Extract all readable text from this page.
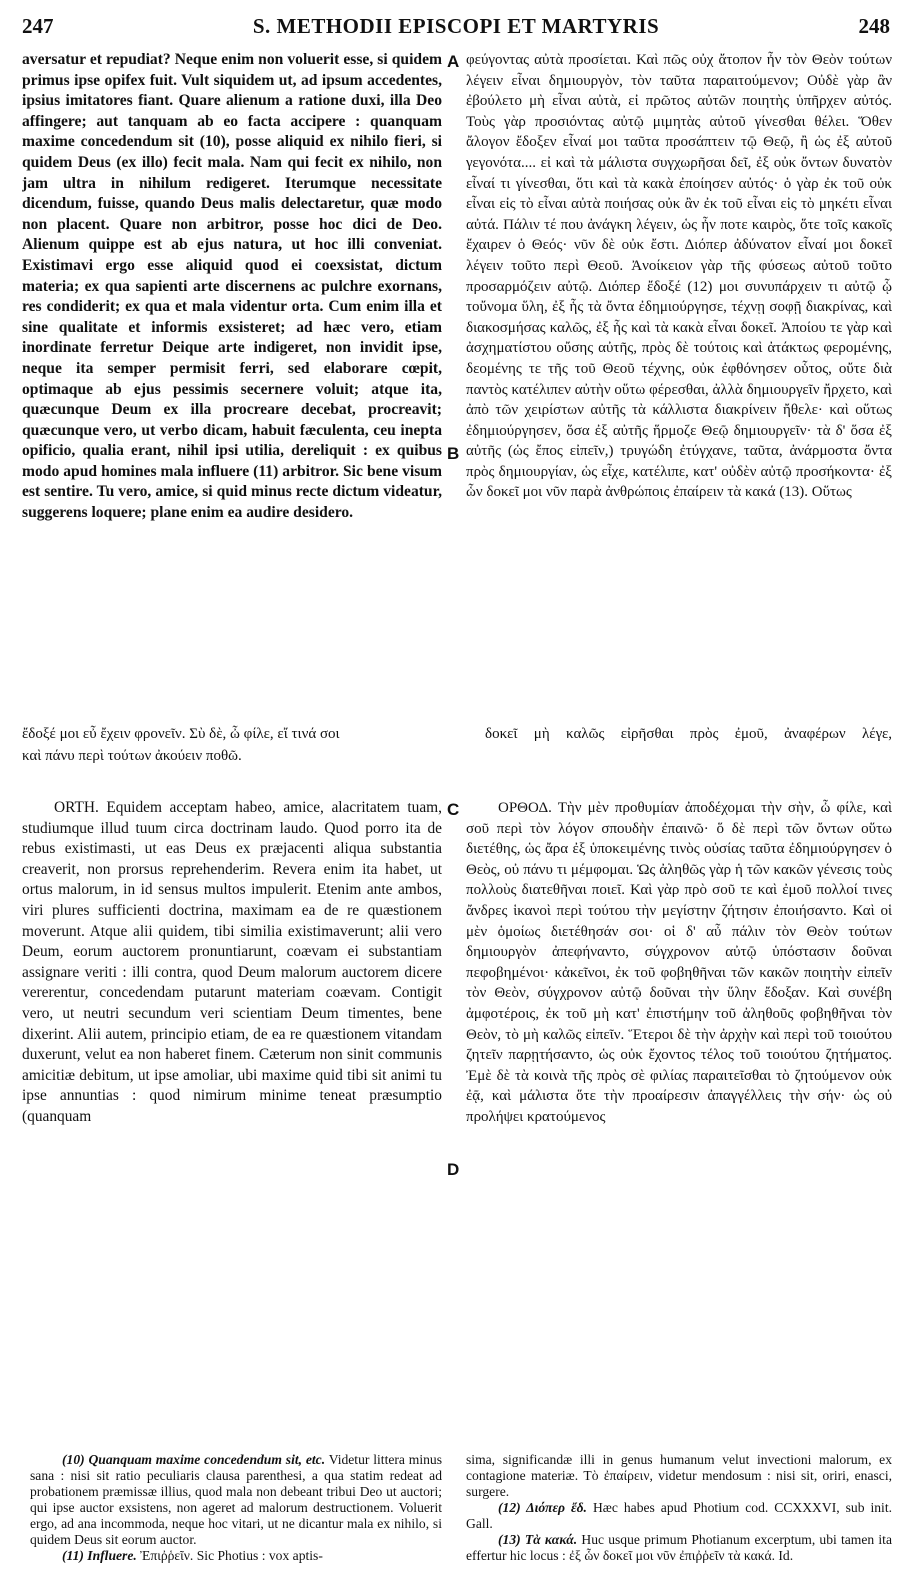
247	S. METHODII EPISCOPI ET MARTYRIS	248
A
B
C
D

aversatur et repudiat? Neque enim non voluerit esse, si quidem primus ipse opifex fuit. Vult siquidem ut, ad ipsum accedentes, ipsius imitatores fiant. Quare alienum a ratione duxi, illa Deo affingere; aut tanquam ab eo facta accipere : quanquam maxime concedendum sit (10), posse aliquid ex nihilo fieri, si quidem Deus (ex illo) fecit mala. Nam qui fecit ex nihilo, non jam ultra in nihilum redigeret. Iterumque necessitate dicendum, fuisse, quando Deus malis delectaretur, quæ modo non placent. Quare non arbitror, posse hoc dici de Deo. Alienum quippe est ab ejus natura, ut hoc illi conveniat. Existimavi ergo esse aliquid quod ei coexsistat, dictum materia; ex qua sapienti arte discernens ac pulchre exornans, res condiderit; ex qua et mala videntur orta. Cum enim illa et sine qualitate et informis exsisteret; ad hæc vero, etiam inordinate ferretur Deique arte indigeret, non invidit ipse, neque ita semper permisit ferri, sed elaborare cœpit, optimaque ab ejus pessimis secernere voluit; atque ita, quæcunque Deum ex illa procreare decebat, procreavit; quæcunque vero, ut verbo dicam, habuit fæculenta, ceu inepta opificio, qualia erant, nihil ipsi utilia, dereliquit : ex quibus modo apud homines mala influere (11) arbitror. Sic bene visum est sentire. Tu vero, amice, si quid minus recte dictum videatur, suggerens loquere; plane enim ea audire desidero.

φεύγοντας αὐτὰ προσίεται. Καὶ πῶς οὐχ ἄτοπον ἦν τὸν Θεὸν τούτων λέγειν εἶναι δημιουργὸν, τὸν ταῦτα παραιτούμενον; Οὐδὲ γὰρ ἂν ἐβούλετο μὴ εἶναι αὐτὰ, εἰ πρῶτος αὐτῶν ποιητὴς ὑπῆρχεν αὐτός. Τοὺς γὰρ προσιόντας αὐτῷ μιμητὰς αὐτοῦ γίνεσθαι θέλει. Ὅθεν ἄλογον ἔδοξεν εἶναί μοι ταῦτα προσάπτειν τῷ Θεῷ, ἢ ὡς ἐξ αὐτοῦ γεγονότα.... εἰ καὶ τὰ μάλιστα συγχωρῆσαι δεῖ, ἐξ οὐκ ὄντων δυνατὸν εἶναί τι γίνεσθαι, ὅτι καὶ τὰ κακὰ ἐποίησεν αὐτός· ὁ γὰρ ἐκ τοῦ οὐκ εἶναι εἰς τὸ εἶναι αὐτὰ ποιήσας οὐκ ἂν ἐκ τοῦ εἶναι εἰς τὸ μηκέτι εἶναι αὐτά. Πάλιν τέ που ἀνάγκη λέγειν, ὡς ἦν ποτε καιρὸς, ὅτε τοῖς κακοῖς ἔχαιρεν ὁ Θεός· νῦν δὲ οὐκ ἔστι. Διόπερ ἀδύνατον εἶναί μοι δοκεῖ λέγειν τοῦτο περὶ Θεοῦ. Ἀνοίκειον γὰρ τῆς φύσεως αὐτοῦ τοῦτο προσαρμόζειν αὐτῷ. Διόπερ ἔδοξέ (12) μοι συνυπάρχειν τι αὐτῷ ᾧ τοὔνομα ὕλη, ἐξ ἧς τὰ ὄντα ἐδημιούργησε, τέχνῃ σοφῇ διακρίνας, καὶ διακοσμήσας καλῶς, ἐξ ἧς καὶ τὰ κακὰ εἶναι δοκεῖ. Ἀποίου τε γὰρ καὶ ἀσχηματίστου οὔσης αὐτῆς, πρὸς δὲ τούτοις καὶ ἀτάκτως φερομένης, δεομένης τε τῆς τοῦ Θεοῦ τέχνης, οὐκ ἐφθόνησεν οὗτος, οὔτε διὰ παντὸς κατέλιπεν αὐτὴν οὕτω φέρεσθαι, ἀλλὰ δημιουργεῖν ἤρχετο, καὶ ἀπὸ τῶν χειρίστων αὐτῆς τὰ κάλλιστα διακρίνειν ἤθελε· καὶ οὕτως ἐδημιούργησεν, ὅσα ἐξ αὐτῆς ἥρμοζε Θεῷ δημιουργεῖν· τὰ δ' ὅσα ἐξ αὐτῆς (ὡς ἔπος εἰπεῖν,) τρυγώδη ἐτύγχανε, ταῦτα, ἀνάρμοστα ὄντα πρὸς δημιουργίαν, ὡς εἶχε, κατέλιπε, κατ' οὐδὲν αὐτῷ προσήκοντα· ἐξ ὧν δοκεῖ μοι νῦν παρὰ ἀνθρώποις ἐπαίρειν τὰ κακά (13). Οὕτως

ἔδοξέ μοι εὖ ἔχειν φρονεῖν. Σὺ δὲ, ὦ φίλε, εἴ τινά σοι	δοκεῖ μὴ καλῶς εἰρῆσθαι πρὸς ἐμοῦ, ἀναφέρων λέγε,
καὶ πάνυ περὶ τούτων ἀκούειν ποθῶ.

ORTH. Equidem acceptam habeo, amice, alacritatem tuam, studiumque illud tuum circa doctrinam laudo. Quod porro ita de rebus existimasti, ut eas Deus ex præjacenti aliqua substantia creaverit, non prorsus reprehenderim. Revera enim ita habet, ut ortus malorum, in id sensus multos impulerit. Etenim ante ambos, viri plures sufficienti doctrina, maximam ea de re quæstionem moverunt. Atque alii quidem, tibi similia existimaverunt; alii vero Deum, eorum auctorem pronuntiarunt, coævam ei substantiam assignare veriti : illi contra, quod Deum malorum auctorem dicere vererentur, concedendam putarunt materiam coævam. Contigit vero, ut neutri secundum veri scientiam Deum timentes, bene dixerint. Alii autem, principio etiam, de ea re quæstionem vitandam duxerunt, velut ea non haberet finem. Cæterum non sinit communis amicitiæ debitum, ut ipse amoliar, ubi maxime quid tibi sit animi tu ipse annuntias : quod nimirum minime teneat præsumptio (quanquam

ΟΡΘΟΔ. Τὴν μὲν προθυμίαν ἀποδέχομαι τὴν σὴν, ὦ φίλε, καὶ σοῦ περὶ τὸν λόγον σπουδὴν ἐπαινῶ· ὅ δὲ περὶ τῶν ὄντων οὕτω διετέθης, ὡς ἄρα ἐξ ὑποκειμένης τινὸς οὐσίας ταῦτα ἐδημιούργησεν ὁ Θεὸς, οὐ πάνυ τι μέμφομαι. Ὡς ἀληθῶς γὰρ ἡ τῶν κακῶν γένεσις τοὺς πολλοὺς διατεθῆναι ποιεῖ. Καὶ γὰρ πρὸ σοῦ τε καὶ ἐμοῦ πολλοί τινες ἄνδρες ἱκανοὶ περὶ τούτου τὴν μεγίστην ζήτησιν ἐποιήσαντο. Καὶ οἱ μὲν ὁμοίως διετέθησάν σοι· οἱ δ' αὖ πάλιν τὸν Θεὸν τούτων δημιουργὸν ἀπεφήναντο, σύγχρονον αὐτῷ ὑπόστασιν δοῦναι πεφοβημένοι· κἀκεῖνοι, ἐκ τοῦ φοβηθῆναι τῶν κακῶν ποιητὴν εἰπεῖν τὸν Θεὸν, σύγχρονον αὐτῷ δοῦναι τὴν ὕλην ἔδοξαν. Καὶ συνέβη ἀμφοτέροις, ἐκ τοῦ μὴ κατ' ἐπιστήμην τοῦ ἀληθοῦς φοβηθῆναι τὸν Θεὸν, τὸ μὴ καλῶς εἰπεῖν. Ἕτεροι δὲ τὴν ἀρχὴν καὶ περὶ τοῦ τοιούτου ζητεῖν παρῃτήσαντο, ὡς οὐκ ἔχοντος τέλος τοῦ τοιούτου ζητήματος. Ἐμὲ δὲ τὰ κοινὰ τῆς πρὸς σὲ φιλίας παραιτεῖσθαι τὸ ζητούμενον οὐκ ἐᾷ, καὶ μάλιστα ὅτε τὴν προαίρεσιν ἀπαγγέλλεις τὴν σήν· ὡς οὐ προλήψει κρατούμενος

(10) Quanquam maxime concedendum sit, etc. Videtur littera minus sana : nisi sit ratio peculiaris clausa parenthesi, a qua statim redeat ad probationem præmissæ illius, quod mala non debeant tribui Deo ut auctori; qui ipse auctor exsistens, non ageret ad malorum destructionem. Voluerit ergo, ad ana incommoda, neque hoc vitari, ut ne dicantur mala ex nihilo, si quidem Deus sit eorum auctor.

(11) Influere. Ἐπιῤῥεῖν. Sic Photius : vox aptis-

sima, significandæ illi in genus humanum velut invectioni malorum, ex contagione materiæ. Τὸ ἐπαίρειν, videtur mendosum : nisi sit, oriri, enasci, surgere.

(12) Διόπερ ἔδ. Hæc habes apud Photium cod. CCXXXVI, sub init. Gall.

(13) Τὰ κακά. Huc usque primum Photianum excerptum, ubi tamen ita effertur hic locus : ἐξ ὧν δοκεῖ μοι νῦν ἐπιῤῥεῖν τὰ κακά. Id.
